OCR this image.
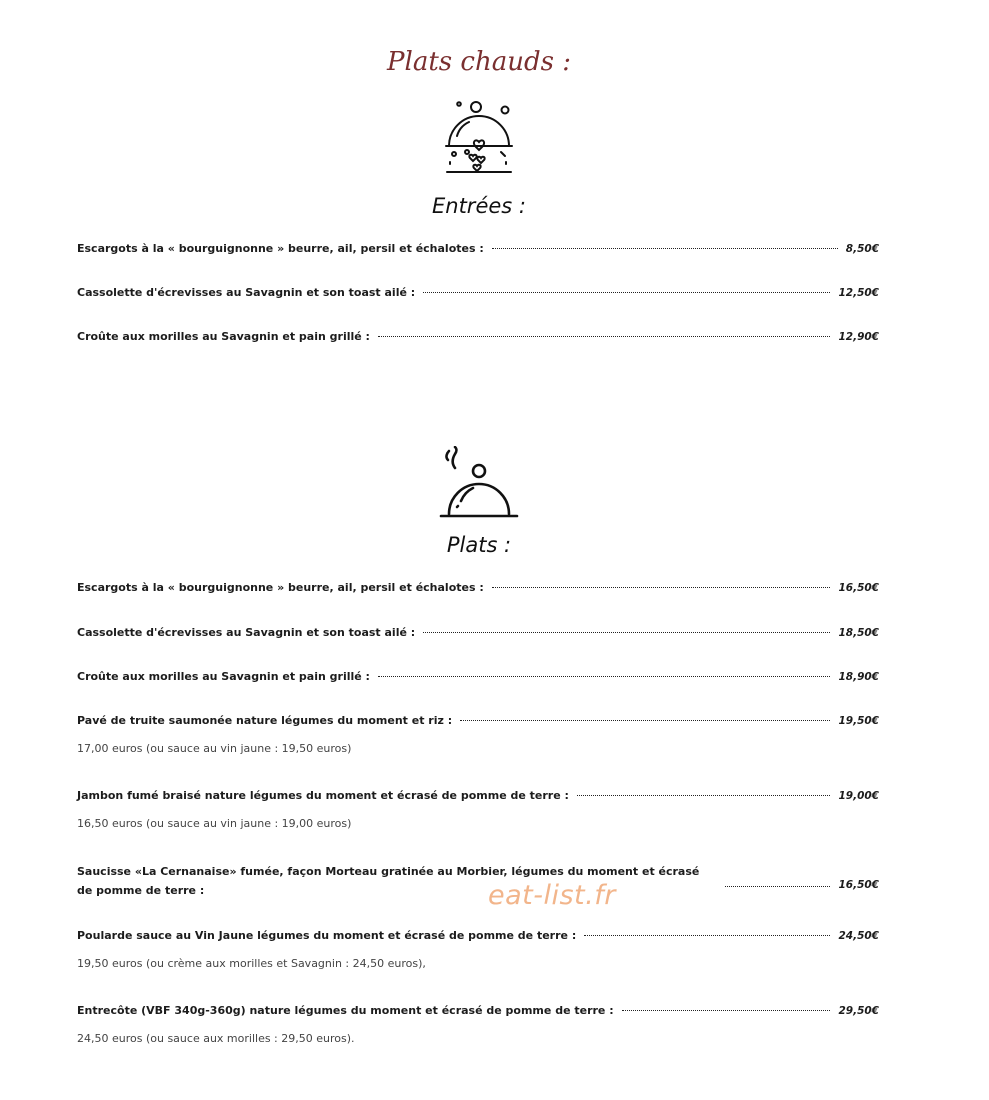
Plats chauds :
Entrées :
Escargots à la « bourguignonne » beurre, ail, persil et échalotes :	8,50€
Cassolette d'écrevisses au Savagnin et son toast ailé :	12,50€
Croûte aux morilles au Savagnin et pain grillé :	12,90€
Plats :
Escargots à la « bourguignonne » beurre, ail, persil et échalotes :	16,50€
Cassolette d'écrevisses au Savagnin et son toast ailé :	18,50€
Croûte aux morilles au Savagnin et pain grillé :	18,90€
Pavé de truite saumonée nature légumes du moment et riz :	19,50€
17,00 euros (ou sauce au vin jaune : 19,50 euros)
Jambon fumé braisé nature légumes du moment et écrasé de pomme de terre :	19,00€
16,50 euros (ou sauce au vin jaune : 19,00 euros)
Saucisse «La Cernanaise» fumée, façon Morteau gratinée au Morbier, légumes du moment et écrasé de pomme de terre :	16,50€
Poularde sauce au Vin Jaune légumes du moment et écrasé de pomme de terre :	24,50€
19,50 euros (ou crème aux morilles et Savagnin : 24,50 euros),
Entrecôte (VBF 340g-360g) nature légumes du moment et écrasé de pomme de terre :	29,50€
24,50 euros (ou sauce aux morilles : 29,50 euros).
eat-list.fr
